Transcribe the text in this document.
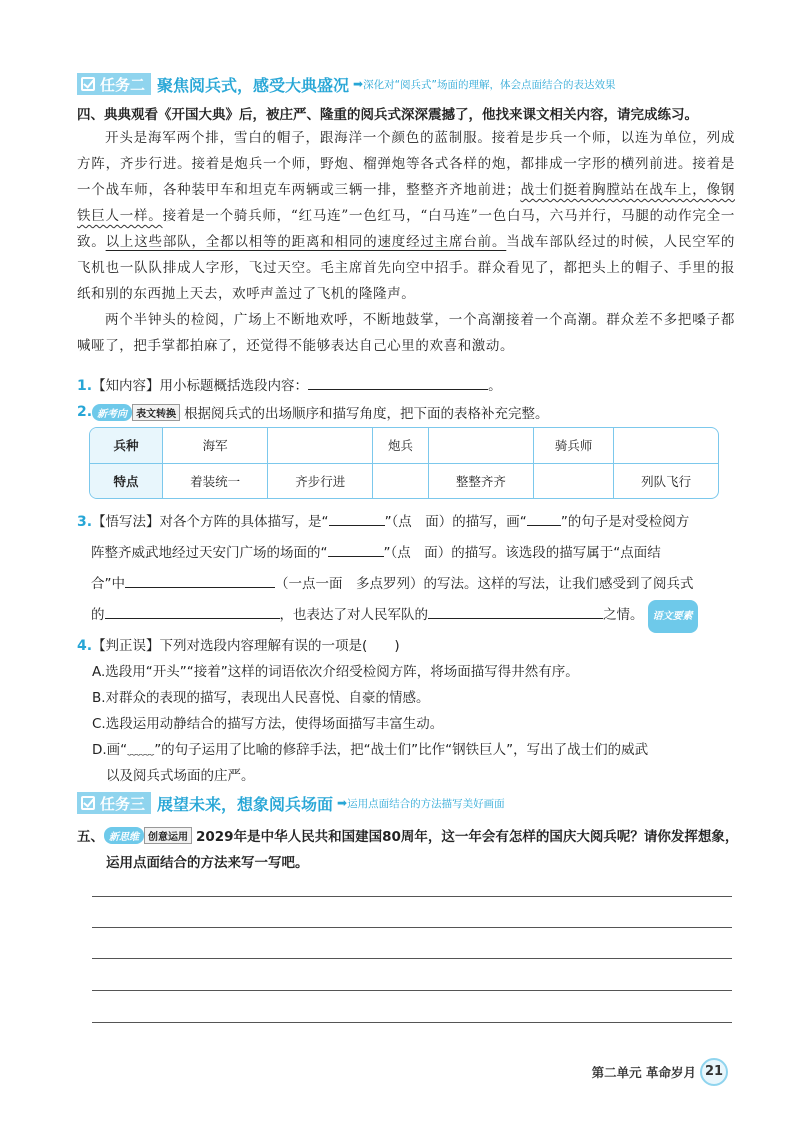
任务二 聚焦阅兵式，感受大典盛况 ➡ 深化对“阅兵式”场面的理解，体会点面结合的表达效果
四、典典观看《开国大典》后，被庄严、隆重的阅兵式深深震撼了，他找来课文相关内容，请完成练习。
开头是海军两个排，雪白的帽子，跟海洋一个颜色的蓝制服。接着是步兵一个师，以连为单位，列成方阵，齐步行进。接着是炮兵一个师，野炮、榴弹炮等各式各样的炮，都排成一字形的横列前进。接着是一个战车师，各种装甲车和坦克车两辆或三辆一排，整整齐齐地前进；战士们挺着胸膛站在战车上，像钢铁巨人一样。接着是一个骑兵师，“红马连”一色红马，“白马连”一色白马，六马并行，马腿的动作完全一致。以上这些部队，全都以相等的距离和相同的速度经过主席台前。当战车部队经过的时候，人民空军的飞机也一队队排成人字形，飞过天空。毛主席首先向空中招手。群众看见了，都把头上的帽子、手里的报纸和别的东西抛上天去，欢呼声盖过了飞机的隆隆声。
两个半钟头的检阅，广场上不断地欢呼，不断地鼓掌，一个高潮接着一个高潮。群众差不多把嗓子都喊哑了，把手掌都拍麻了，还觉得不能够表达自己心里的欢喜和激动。
1.【知内容】用小标题概括选段内容：	。
2. 新考向 表文转换 根据阅兵式的出场顺序和描写角度，把下面的表格补充完整。
兵种	海军		炮兵		骑兵师	
特点	着装统一	齐步行进		整整齐齐		列队飞行
3.【悟写法】对各个方阵的具体描写，是“	”（点　面）的描写，画“	”的句子是对受检阅方
阵整齐威武地经过天安门广场的场面的“	”（点　面）的描写。该选段的描写属于“点面结
合”中	（一点一面　多点罗列）的写法。这样的写法，让我们感受到了阅兵式
的	，也表达了对人民军队的	之情。 语文要素
4.【判正误】下列对选段内容理解有误的一项是(　　)
A.选段用“开头”“接着”这样的词语依次介绍受检阅方阵，将场面描写得井然有序。
B.对群众的表现的描写，表现出人民喜悦、自豪的情感。
C.选段运用动静结合的描写方法，使得场面描写丰富生动。
D.画“﹏﹏”的句子运用了比喻的修辞手法，把“战士们”比作“钢铁巨人”，写出了战士们的威武
以及阅兵式场面的庄严。
任务三 展望未来，想象阅兵场面 ➡ 运用点面结合的方法描写美好画面
五、 新思维 创意运用 2029年是中华人民共和国建国80周年，这一年会有怎样的国庆大阅兵呢？请你发挥想象，
运用点面结合的方法来写一写吧。
第二单元 革命岁月 21
